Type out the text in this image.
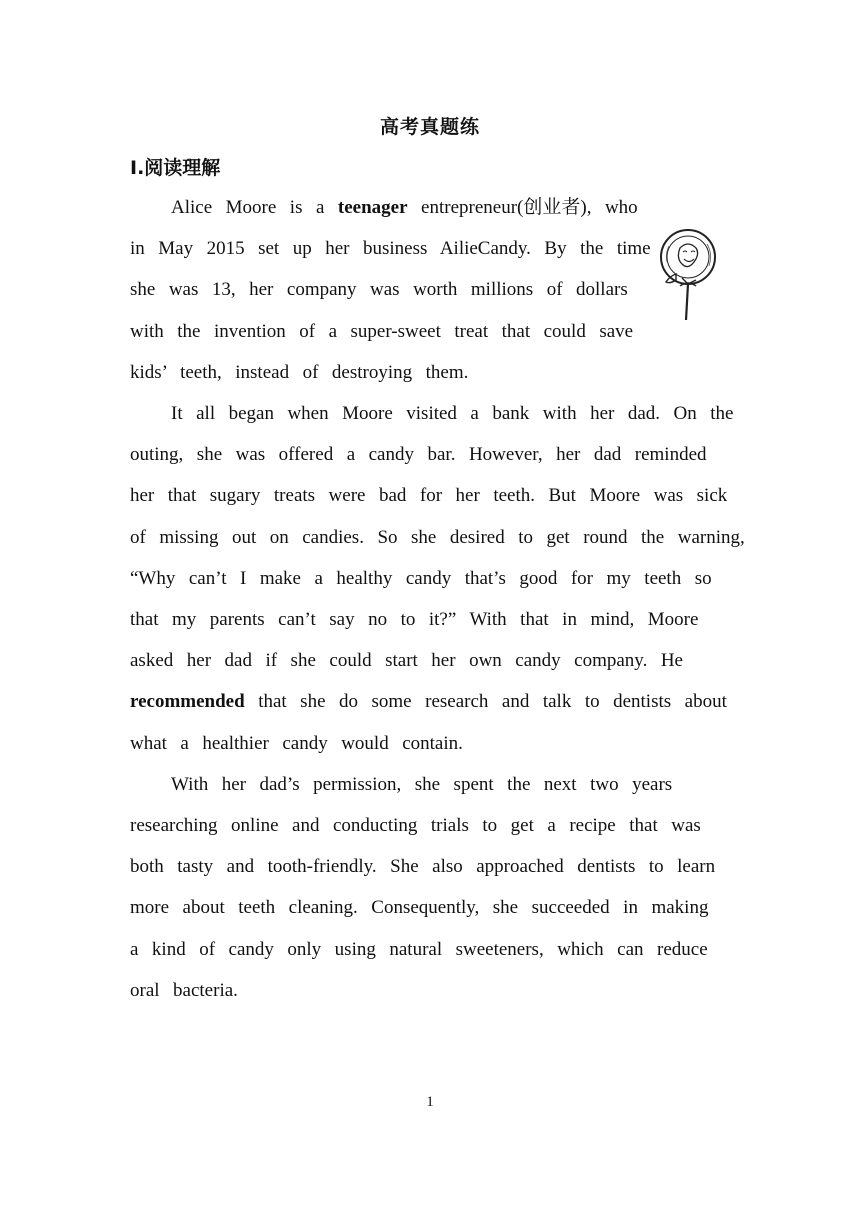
高考真题练
Ⅰ.阅读理解
Alice  Moore  is  a  teenager  entrepreneur(创业者),  who
in  May  2015  set  up  her  business  AilieCandy.  By  the  time
she  was  13,  her  company  was  worth  millions  of  dollars
with  the  invention  of  a  super-sweet  treat  that  could  save
kids’  teeth,  instead  of  destroying  them.
It  all  began  when  Moore  visited  a  bank  with  her  dad.  On  the
outing,  she  was  offered  a  candy  bar.  However,  her  dad  reminded
her  that  sugary  treats  were  bad  for  her  teeth.  But  Moore  was  sick
of  missing  out  on  candies.  So  she  desired  to  get  round  the  warning,
“Why  can’t  I  make  a  healthy  candy  that’s  good  for  my  teeth  so
that  my  parents  can’t  say  no  to  it?”  With  that  in  mind,  Moore
asked  her  dad  if  she  could  start  her  own  candy  company.  He
recommended  that  she  do  some  research  and  talk  to  dentists  about
what  a  healthier  candy  would  contain.
With  her  dad’s  permission,  she  spent  the  next  two  years
researching  online  and  conducting  trials  to  get  a  recipe  that  was
both  tasty  and  tooth-friendly.  She  also  approached  dentists  to  learn
more  about  teeth  cleaning.  Consequently,  she  succeeded  in  making
a  kind  of  candy  only  using  natural  sweeteners,  which  can  reduce
oral  bacteria.
1
